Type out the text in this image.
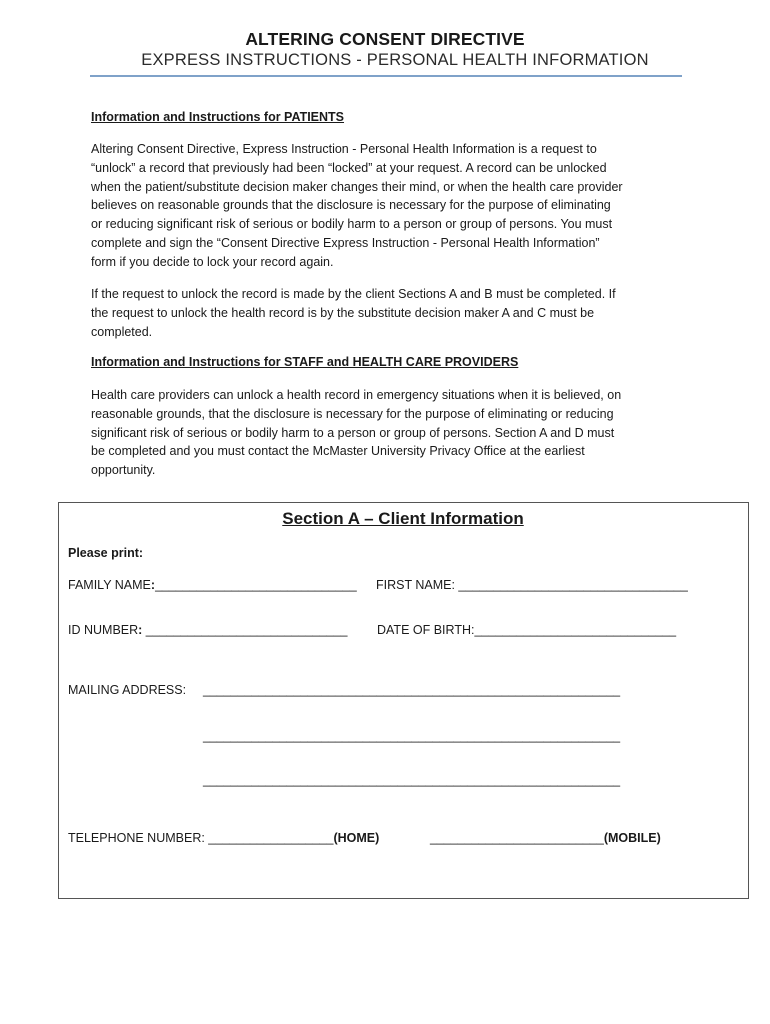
ALTERING CONSENT DIRECTIVE
EXPRESS INSTRUCTIONS - PERSONAL HEALTH INFORMATION
Information and Instructions for PATIENTS
Altering Consent Directive, Express Instruction - Personal Health Information is a request to
“unlock” a record that previously had been “locked” at your request. A record can be unlocked
when the patient/substitute decision maker changes their mind, or when the health care provider
believes on reasonable grounds that the disclosure is necessary for the purpose of eliminating
or reducing significant risk of serious or bodily harm to a person or group of persons. You must
complete and sign the “Consent Directive Express Instruction - Personal Health Information”
form if you decide to lock your record again.
If the request to unlock the record is made by the client Sections A and B must be completed. If
the request to unlock the health record is by the substitute decision maker A and C must be
completed.
Information and Instructions for STAFF and HEALTH CARE PROVIDERS
Health care providers can unlock a health record in emergency situations when it is believed, on
reasonable grounds, that the disclosure is necessary for the purpose of eliminating or reducing
significant risk of serious or bodily harm to a person or group of persons. Section A and D must
be completed and you must contact the McMaster University Privacy Office at the earliest
opportunity.
Section A – Client Information
Please print:
FAMILY NAME:_____________________________ FIRST NAME: _________________________________
ID NUMBER: _____________________________ DATE OF BIRTH:_____________________________
MAILING ADDRESS: ____________________________________________________________
____________________________________________________________
____________________________________________________________
TELEPHONE NUMBER: __________________(HOME)	_________________________(MOBILE)
